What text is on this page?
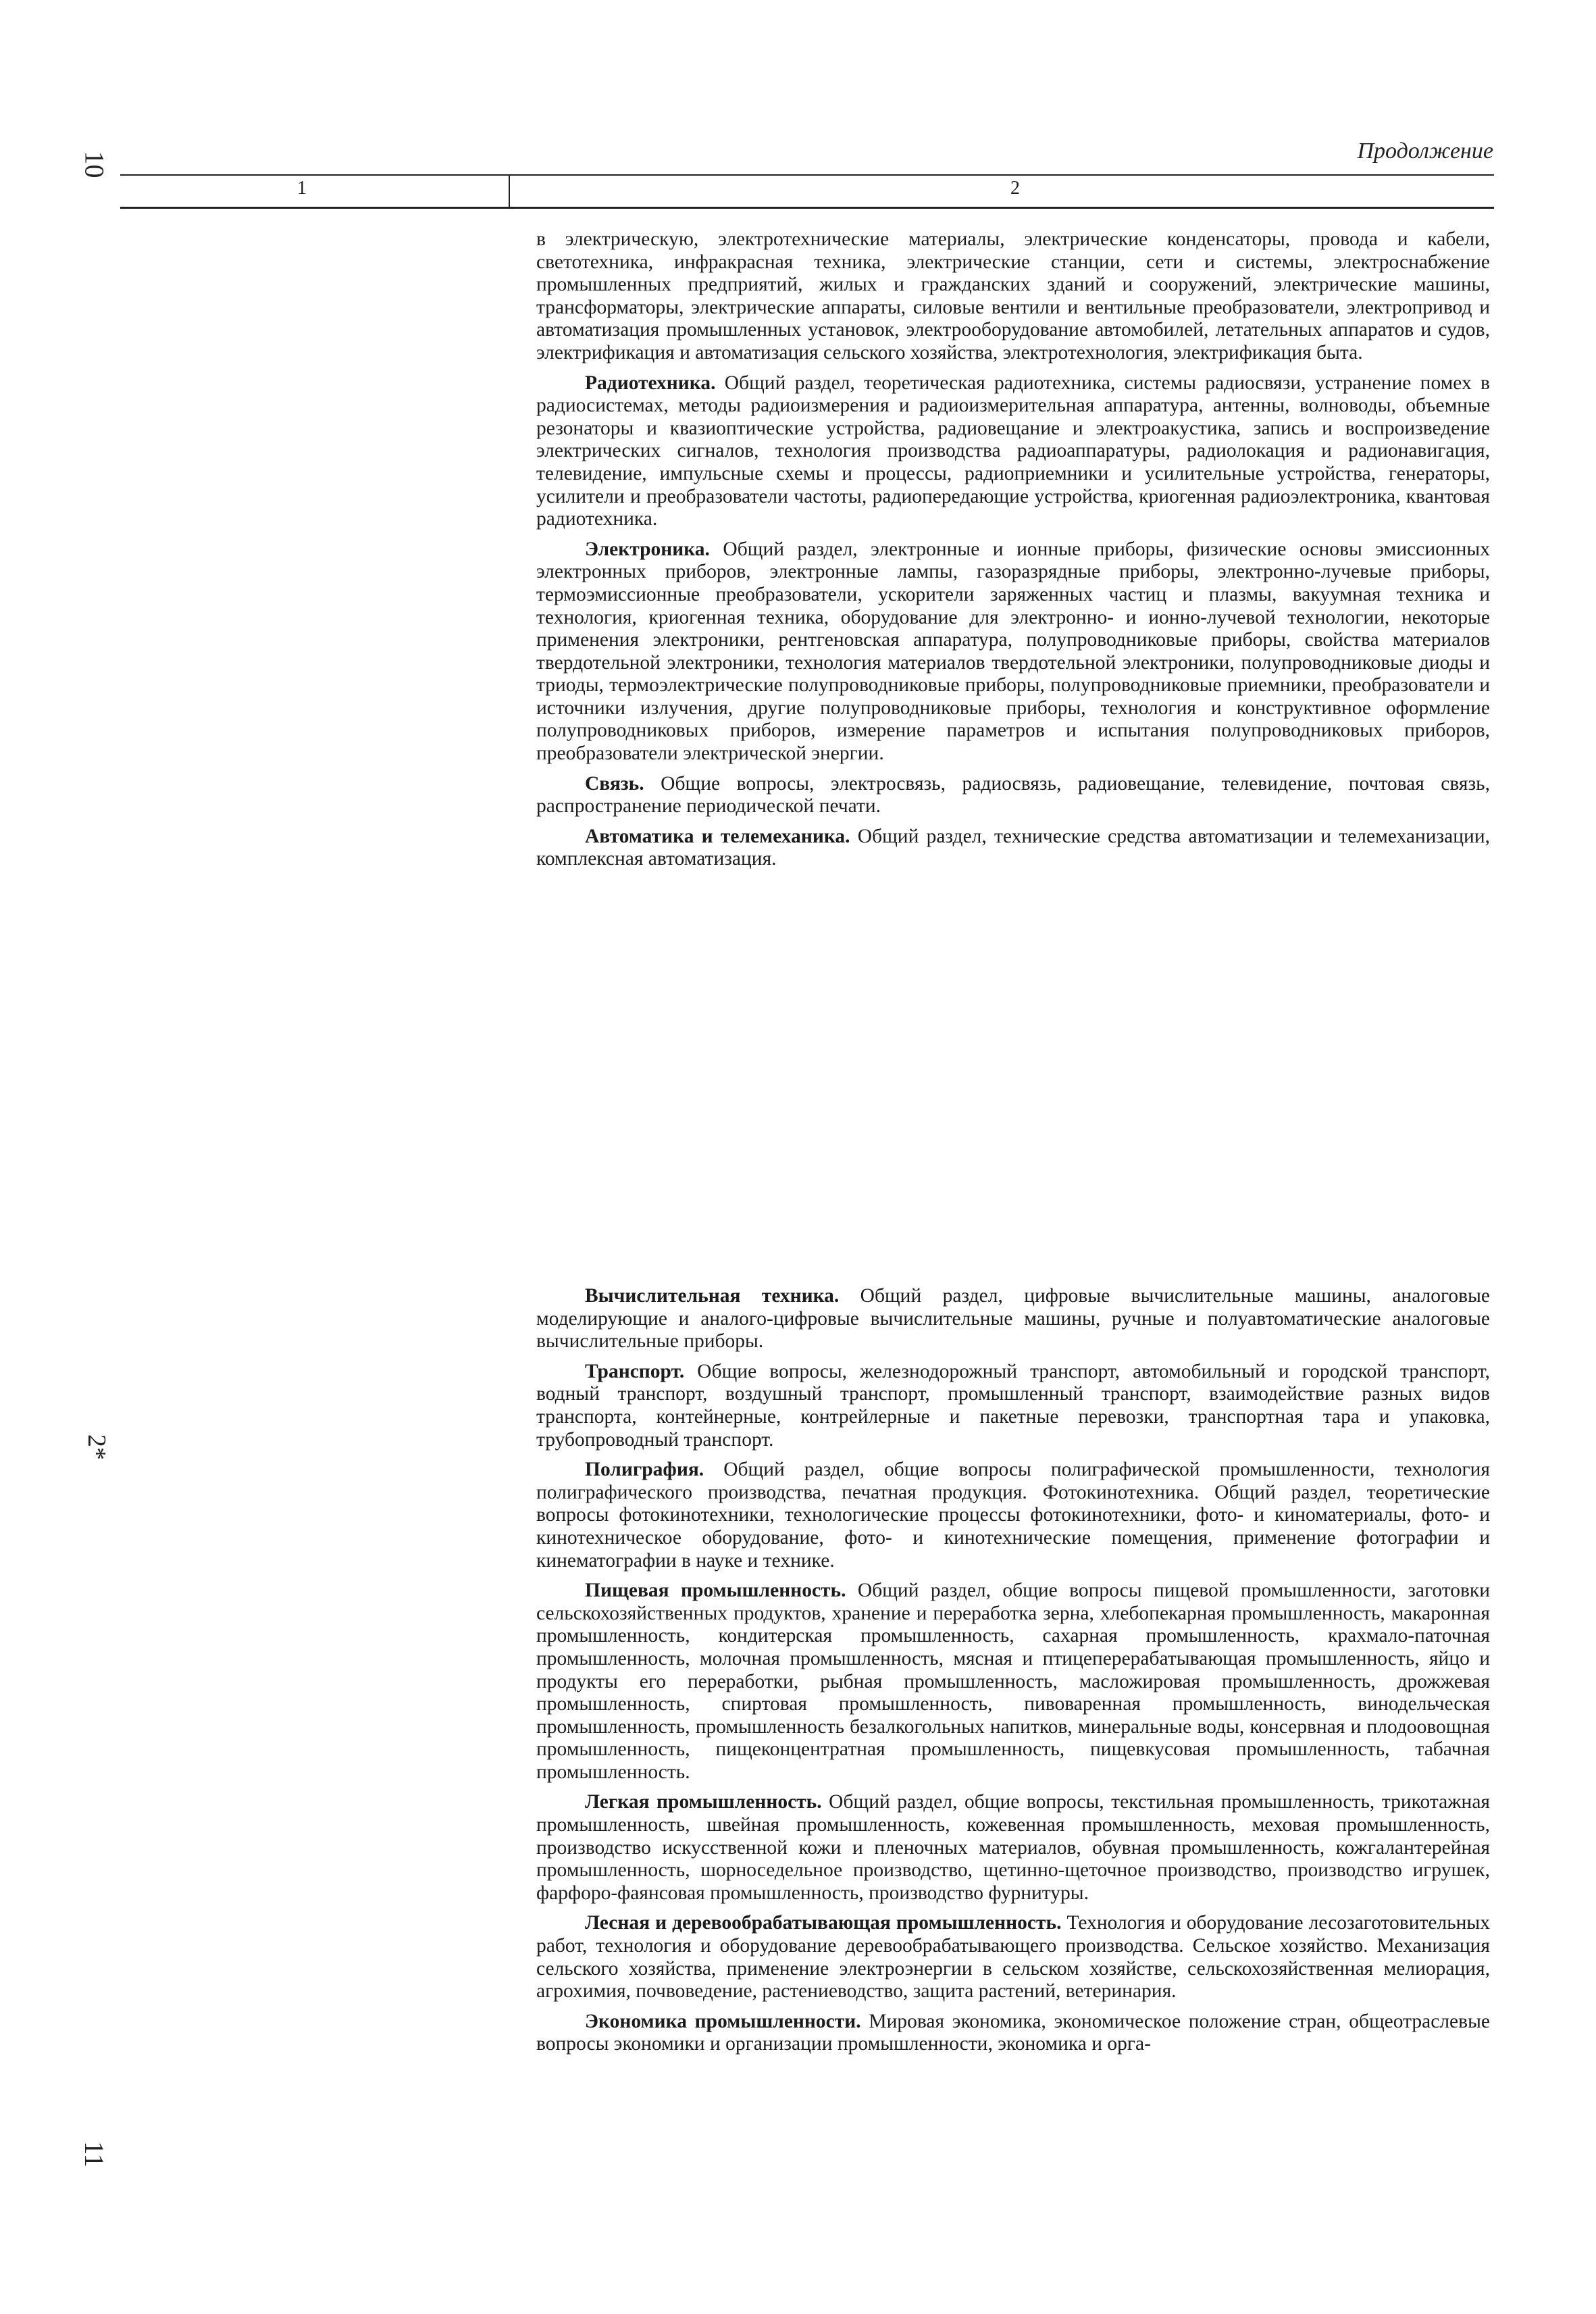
10
2*
11
Продолжение
1	2

в электрическую, электротехнические материалы, электрические конденсаторы, провода и кабели, светотехника, инфракрасная техника, электрические станции, сети и системы, электроснабжение промышленных предприятий, жилых и гражданских зданий и сооружений, электрические машины, трансформаторы, электрические аппараты, силовые вентили и вентильные преобразователи, электропривод и автоматизация промышленных установок, электрооборудование автомобилей, летательных аппаратов и судов, электрификация и автоматизация сельского хозяйства, электротехнология, электрификация быта.

Радиотехника. Общий раздел, теоретическая радиотехника, системы радиосвязи, устранение помех в радиосистемах, методы радиоизмерения и радиоизмерительная аппаратура, антенны, волноводы, объемные резонаторы и квазиоптические устройства, радиовещание и электроакустика, запись и воспроизведение электрических сигналов, технология производства радиоаппаратуры, радиолокация и радионавигация, телевидение, импульсные схемы и процессы, радиоприемники и усилительные устройства, генераторы, усилители и преобразователи частоты, радиопередающие устройства, криогенная радиоэлектроника, квантовая радиотехника.

Электроника. Общий раздел, электронные и ионные приборы, физические основы эмиссионных электронных приборов, электронные лампы, газоразрядные приборы, электронно-лучевые приборы, термоэмиссионные преобразователи, ускорители заряженных частиц и плазмы, вакуумная техника и технология, криогенная техника, оборудование для электронно- и ионно-лучевой технологии, некоторые применения электроники, рентгеновская аппаратура, полупроводниковые приборы, свойства материалов твердотельной электроники, технология материалов твердотельной электроники, полупроводниковые диоды и триоды, термоэлектрические полупроводниковые приборы, полупроводниковые приемники, преобразователи и источники излучения, другие полупроводниковые приборы, технология и конструктивное оформление полупроводниковых приборов, измерение параметров и испытания полупроводниковых приборов, преобразователи электрической энергии.

Связь. Общие вопросы, электросвязь, радиосвязь, радиовещание, телевидение, почтовая связь, распространение периодической печати.

Автоматика и телемеханика. Общий раздел, технические средства автоматизации и телемеханизации, комплексная автоматизация.

Вычислительная техника. Общий раздел, цифровые вычислительные машины, аналоговые моделирующие и аналого-цифровые вычислительные машины, ручные и полуавтоматические аналоговые вычислительные приборы.

Транспорт. Общие вопросы, железнодорожный транспорт, автомобильный и городской транспорт, водный транспорт, воздушный транспорт, промышленный транспорт, взаимодействие разных видов транспорта, контейнерные, контрейлерные и пакетные перевозки, транспортная тара и упаковка, трубопроводный транспорт.

Полиграфия. Общий раздел, общие вопросы полиграфической промышленности, технология полиграфического производства, печатная продукция. Фотокинотехника. Общий раздел, теоретические вопросы фотокинотехники, технологические процессы фотокинотехники, фото- и киноматериалы, фото- и кинотехническое оборудование, фото- и кинотехнические помещения, применение фотографии и кинематографии в науке и технике.

Пищевая промышленность. Общий раздел, общие вопросы пищевой промышленности, заготовки сельскохозяйственных продуктов, хранение и переработка зерна, хлебопекарная промышленность, макаронная промышленность, кондитерская промышленность, сахарная промышленность, крахмало-паточная промышленность, молочная промышленность, мясная и птицеперерабатывающая промышленность, яйцо и продукты его переработки, рыбная промышленность, масложировая промышленность, дрожжевая промышленность, спиртовая промышленность, пивоваренная промышленность, винодельческая промышленность, промышленность безалкогольных напитков, минеральные воды, консервная и плодоовощная промышленность, пищеконцентратная промышленность, пищевкусовая промышленность, табачная промышленность.

Легкая промышленность. Общий раздел, общие вопросы, текстильная промышленность, трикотажная промышленность, швейная промышленность, кожевенная промышленность, меховая промышленность, производство искусственной кожи и пленочных материалов, обувная промышленность, кожгалантерейная промышленность, шорноседельное производство, щетинно-щеточное производство, производство игрушек, фарфоро-фаянсовая промышленность, производство фурнитуры.

Лесная и деревообрабатывающая промышленность. Технология и оборудование лесозаготовительных работ, технология и оборудование деревообрабатывающего производства. Сельское хозяйство. Механизация сельского хозяйства, применение электроэнергии в сельском хозяйстве, сельскохозяйственная мелиорация, агрохимия, почвоведение, растениеводство, защита растений, ветеринария.

Экономика промышленности. Мировая экономика, экономическое положение стран, общеотраслевые вопросы экономики и организации промышленности, экономика и орга-
